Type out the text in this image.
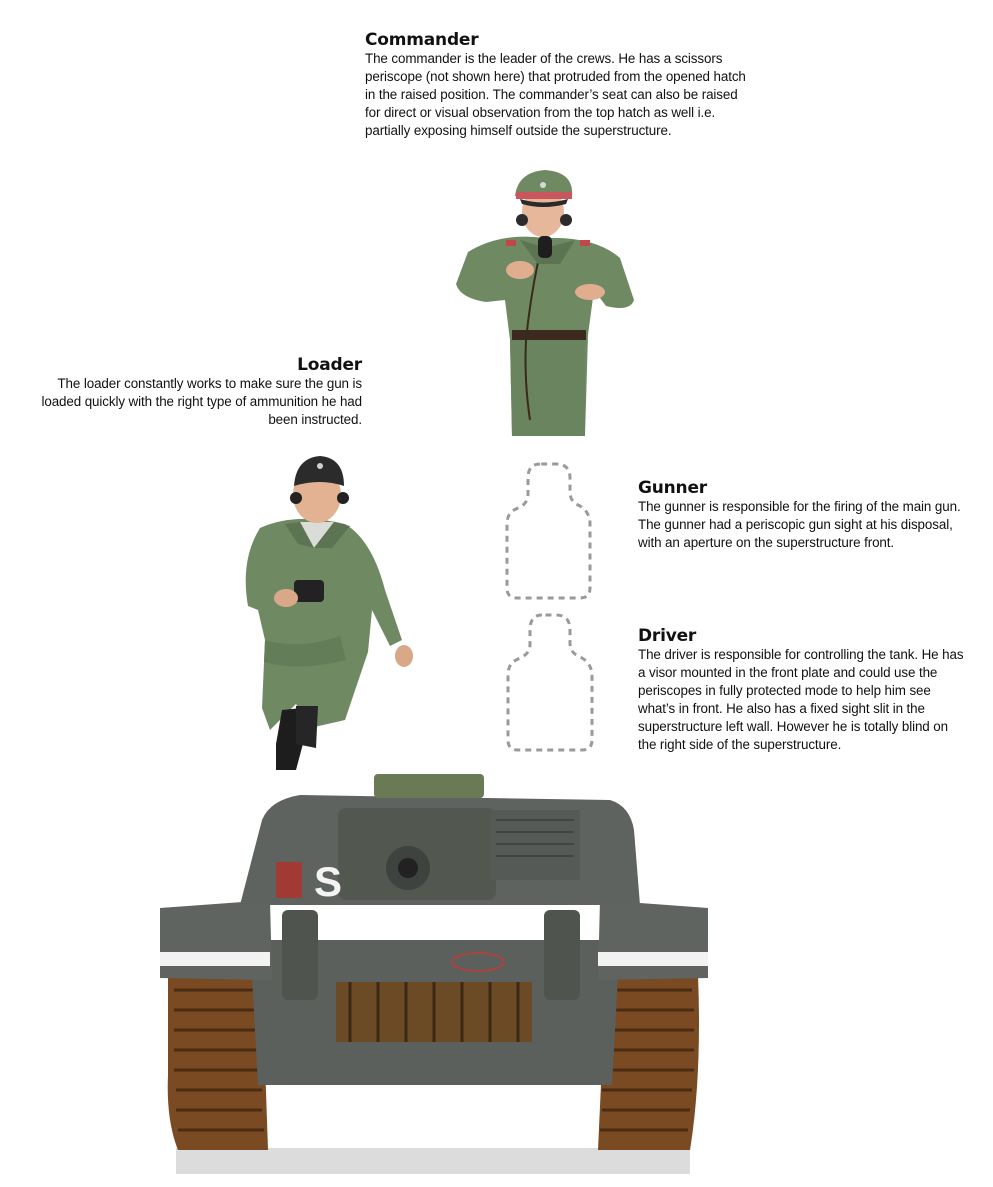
Commander

The commander is the leader of the crews. He has a scissors periscope (not shown here) that protruded from the opened hatch in the raised position. The commander’s seat can also be raised for direct or visual observation from the top hatch as well i.e. partially exposing himself outside the superstructure.

Loader

The loader constantly works to make sure the gun is loaded quickly with the right type of ammunition he had been instructed.

Gunner

The gunner is responsible for the firing of the main gun. The gunner had a periscopic gun sight at his disposal, with an aperture on the superstructure front.

Driver

The driver is responsible for controlling the tank. He has a visor mounted in the front plate and could use the periscopes in fully protected mode to help him see what’s in front. He also has a fixed sight slit in the superstructure left wall. However he is totally blind on the right side of the superstructure.

S
